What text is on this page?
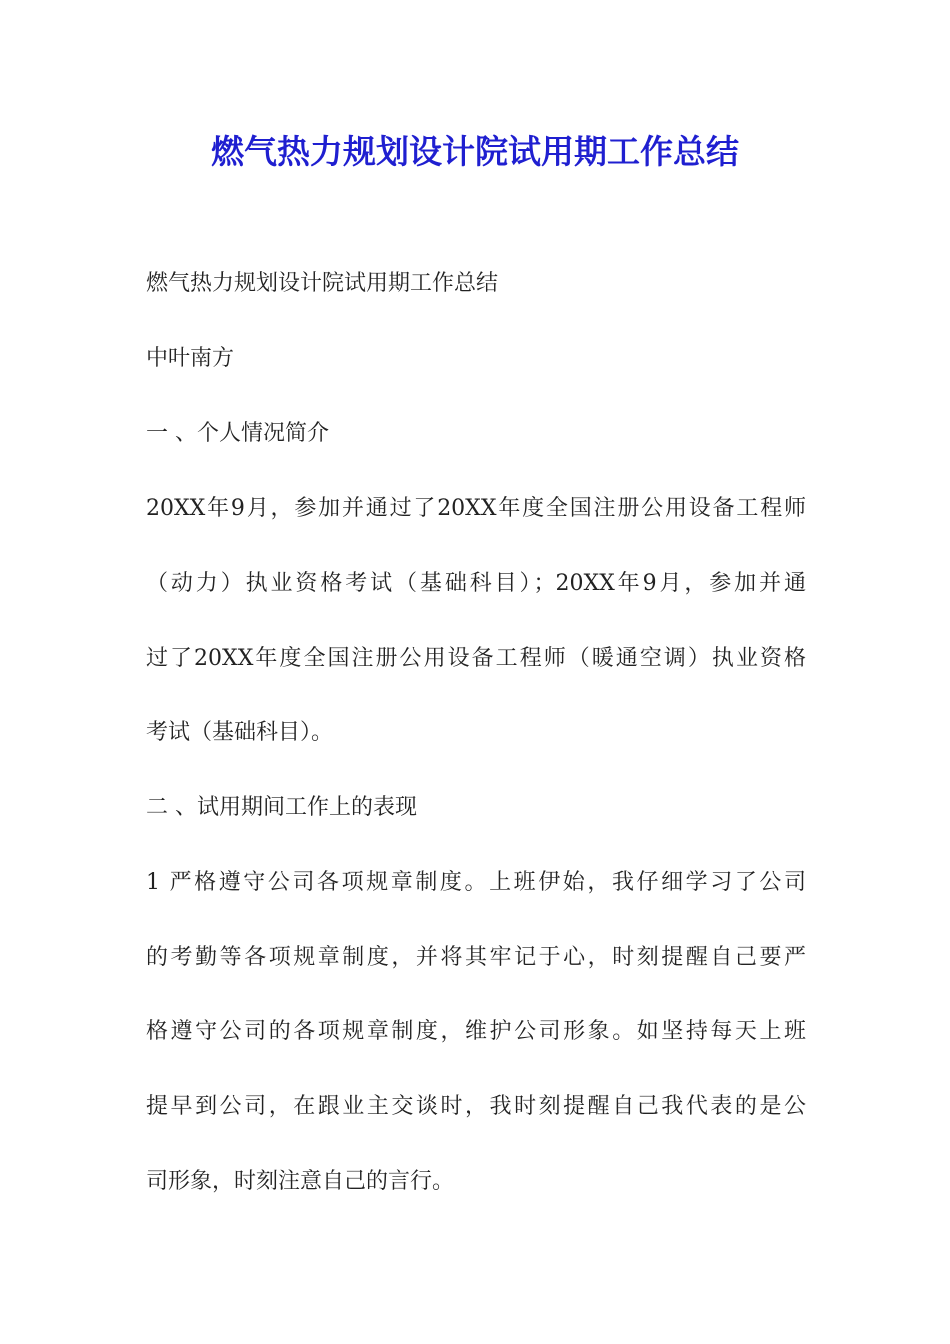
燃气热力规划设计院试用期工作总结
燃气热力规划设计院试用期工作总结
中叶南方
一 、个人情况简介
20XX年9月，参加并通过了20XX年度全国注册公用设备工程师
（动力）执业资格考试（基础科目）；20XX年9月，参加并通
过了20XX年度全国注册公用设备工程师（暖通空调）执业资格
考试（基础科目）。
二 、试用期间工作上的表现
1 严格遵守公司各项规章制度。上班伊始，我仔细学习了公司
的考勤等各项规章制度，并将其牢记于心，时刻提醒自己要严
格遵守公司的各项规章制度，维护公司形象。如坚持每天上班
提早到公司，在跟业主交谈时，我时刻提醒自己我代表的是公
司形象，时刻注意自己的言行。
